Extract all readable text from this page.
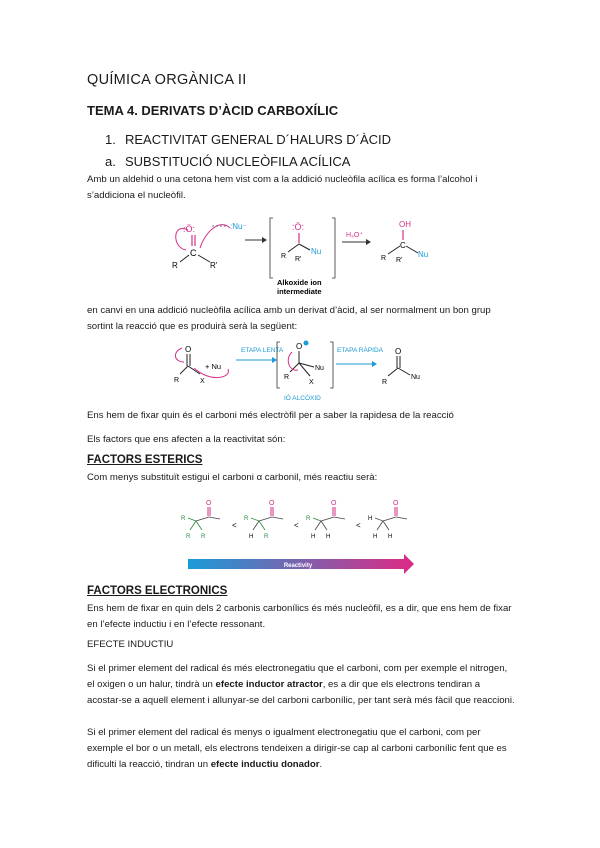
QUÍMICA ORGÀNICA II
TEMA 4. DERIVATS D’ÀCID CARBOXÍLIC
1. REACTIVITAT GENERAL D´HALURS D´ÀCID
a. SUBSTITUCIÓ NUCLEÒFILA ACÍLICA
Amb un aldehid o una cetona hem vist com a la addició nucleòfila acílica es forma l’alcohol i s’addiciona el nucleòfil.
:Ö:
C
R	R'
:Nu⁻	:Ö:
Nu
R R'
Alkoxide ion
intermediate
H₃O⁺
OH
C
Nu
R R'
en canvi en una addició nucleòfila acílica amb un derivat d’àcid, al ser normalment un bon grup sortint la reacció que es produirà serà la següent:
O
R	X
+ Nu
ETAPA LENTA O
Nu
R
X
IÓ ALCÒXID
ETAPA RÀPIDA O
R
Nu
Ens hem de fixar quin és el carboni més electròfil per a saber la rapidesa de la reacció
Els factors que ens afecten a la reactivitat són:
FACTORS ESTERICS
Com menys substituït estigui el carboni α carbonil, més reactiu serà:
O
R
R R
<
O
R
H R
<
O
R
H H
<
O
H
H H
Reactivity
FACTORS ELECTRONICS
Ens hem de fixar en quin dels 2 carbonis carbonílics és més nucleòfil, es a dir, que ens hem de fixar en l’efecte inductiu i en l’efecte ressonant.
EFECTE INDUCTIU
Si el primer element del radical és més electronegatiu que el carboni, com per exemple el nitrogen, el oxigen o un halur, tindrà un efecte inductor atractor, es a dir que els electrons tendiran a acostar-se a aquell element i allunyar-se del carboni carbonílic, per tant serà més fàcil que reaccioni.
Si el primer element del radical és menys o igualment electronegatiu que el carboni, com per exemple el bor o un metall, els electrons tendeixen a dirigir-se cap al carboni carbonílic fent que es dificulti la reacció, tindran un efecte inductiu donador.
